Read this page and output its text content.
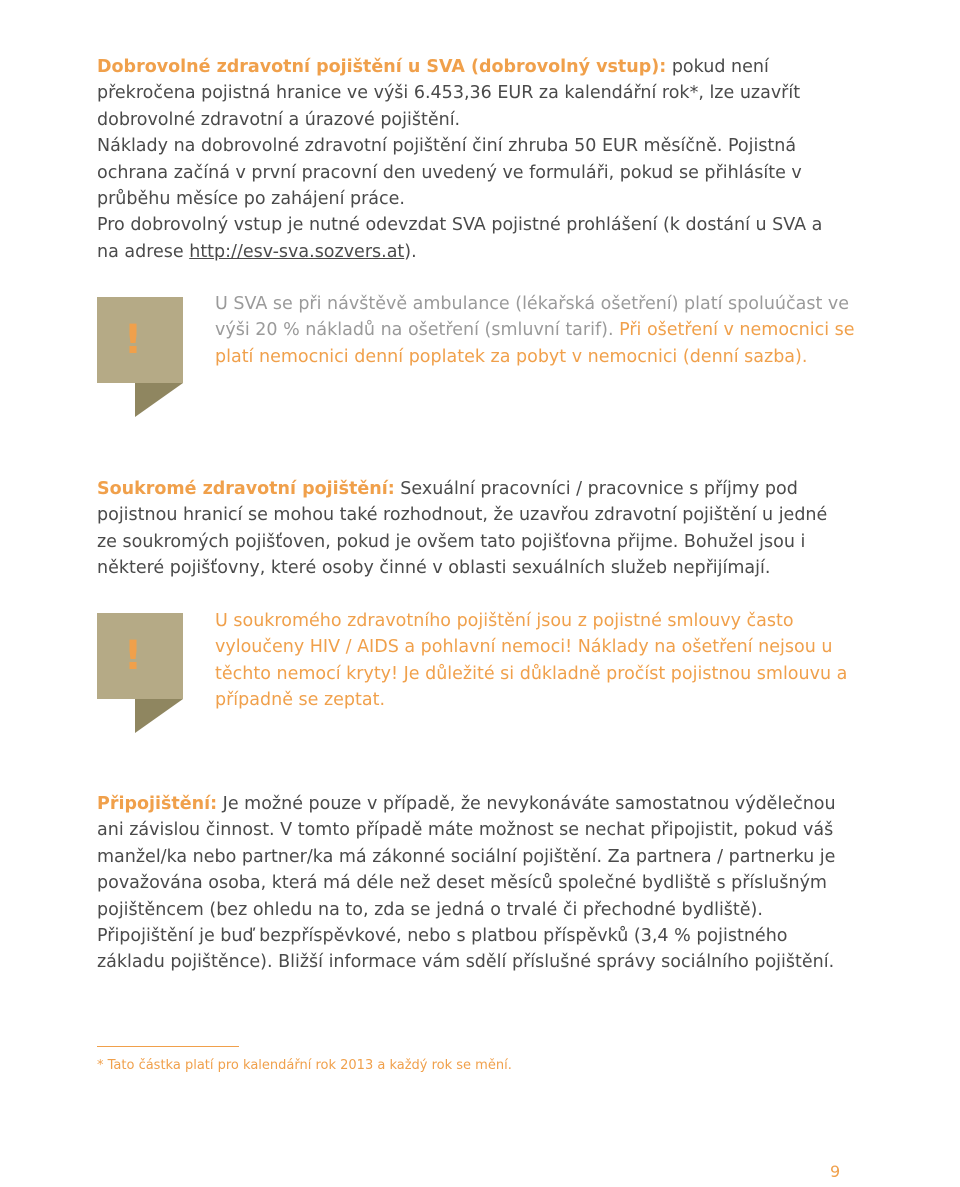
Dobrovolné zdravotní pojištění u SVA (dobrovolný vstup): pokud není překročena pojistná hranice ve výši 6.453,36 EUR za kalendářní rok*, lze uzavřít dobrovolné zdravotní a úrazové pojištění.
Náklady na dobrovolné zdravotní pojištění činí zhruba 50 EUR měsíčně. Pojistná ochrana začíná v první pracovní den uvedený ve formuláři, pokud se přihlásíte v průběhu měsíce po zahájení práce.
Pro dobrovolný vstup je nutné odevzdat SVA pojistné prohlášení (k dostání u SVA a na adrese http://esv-sva.sozvers.at).
!
U SVA se při návštěvě ambulance (lékařská ošetření) platí spoluúčast ve výši 20 % nákladů na ošetření (smluvní tarif). Při ošetření v nemocnici se platí nemocnici denní poplatek za pobyt v nemocnici (denní sazba).
Soukromé zdravotní pojištění: Sexuální pracovníci / pracovnice s příjmy pod pojistnou hranicí se mohou také rozhodnout, že uzavřou zdravotní pojištění u jedné ze soukromých pojišťoven, pokud je ovšem tato pojišťovna přijme. Bohužel jsou i některé pojišťovny, které osoby činné v oblasti sexuálních služeb nepřijímají.
!
U soukromého zdravotního pojištění jsou z pojistné smlouvy často vyloučeny HIV / AIDS a pohlavní nemoci! Náklady na ošetření nejsou u těchto nemocí kryty! Je důležité si důkladně pročíst pojistnou smlouvu a případně se zeptat.
Připojištění: Je možné pouze v případě, že nevykonáváte samostatnou výdělečnou ani závislou činnost. V tomto případě máte možnost se nechat připojistit, pokud váš manžel/ka nebo partner/ka má zákonné sociální pojištění. Za partnera / partnerku je považována osoba, která má déle než deset měsíců společné bydliště s příslušným pojištěncem (bez ohledu na to, zda se jedná o trvalé či přechodné bydliště). Připojištění je buď bezpříspěvkové, nebo s platbou příspěvků (3,4 % pojistného základu pojištěnce). Bližší informace vám sdělí příslušné správy sociálního pojištění.
* Tato částka platí pro kalendářní rok 2013 a každý rok se mění.
9
